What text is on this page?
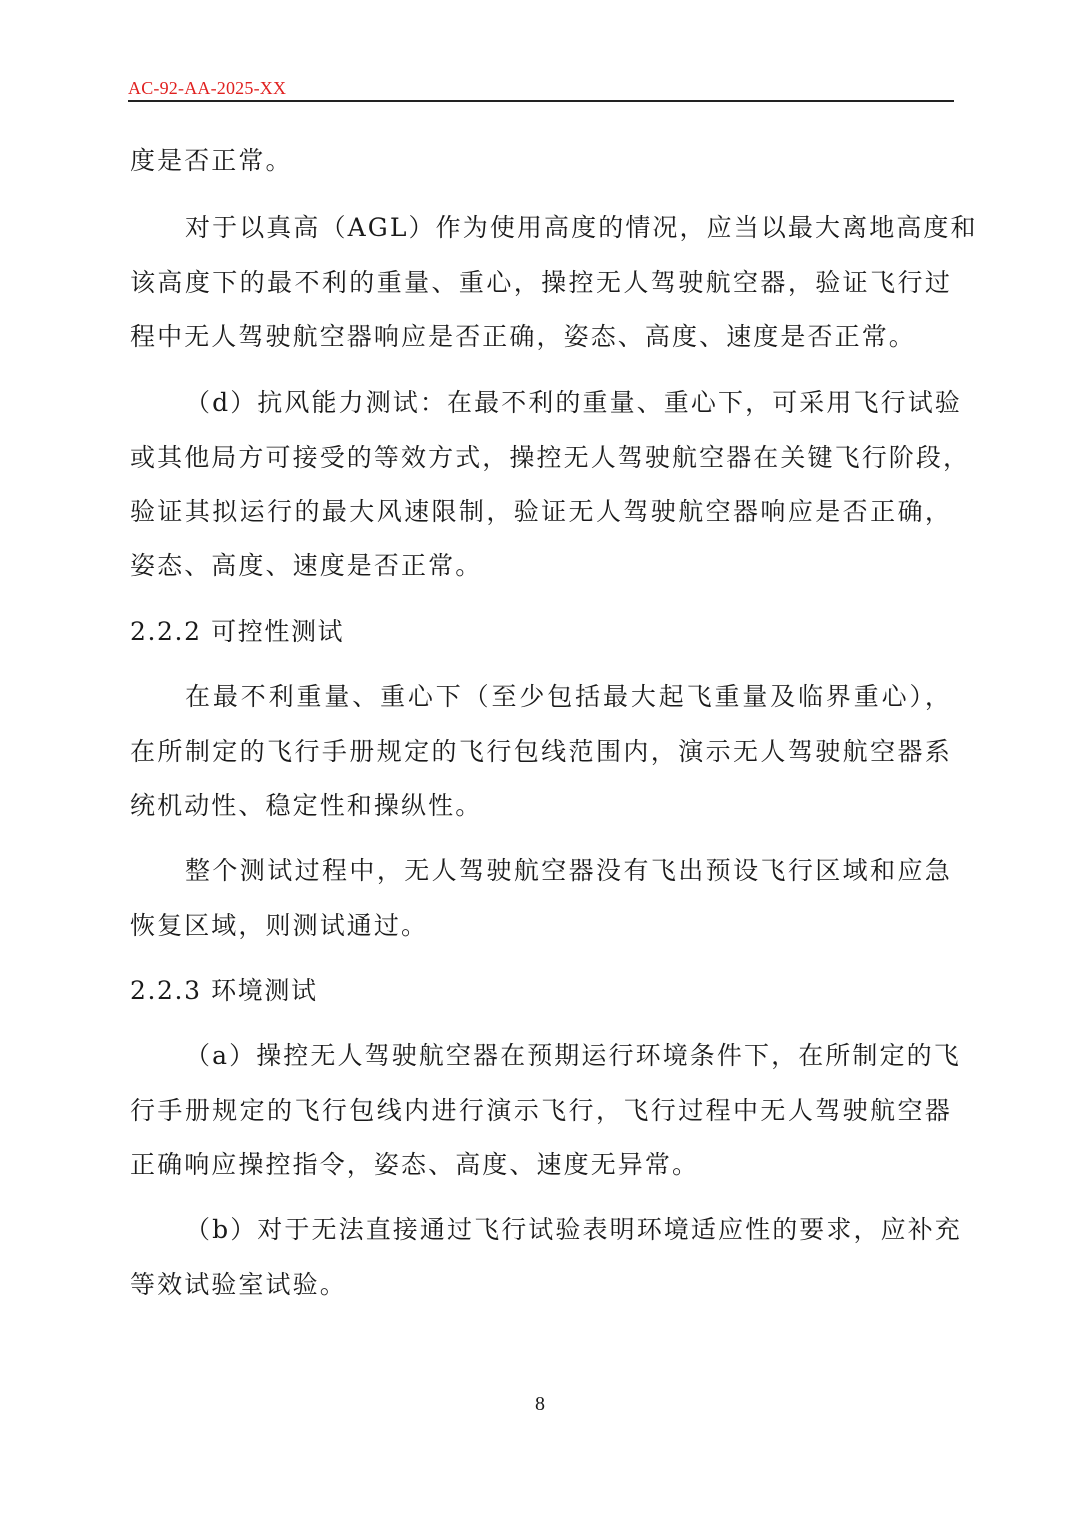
AC-92-AA-2025-XX
度是否正常。
对于以真高（AGL）作为使用高度的情况，应当以最大离地高度和
该高度下的最不利的重量、重心，操控无人驾驶航空器，验证飞行过
程中无人驾驶航空器响应是否正确，姿态、高度、速度是否正常。
（d）抗风能力测试：在最不利的重量、重心下，可采用飞行试验
或其他局方可接受的等效方式，操控无人驾驶航空器在关键飞行阶段，
验证其拟运行的最大风速限制，验证无人驾驶航空器响应是否正确，
姿态、高度、速度是否正常。
2.2.2 可控性测试
在最不利重量、重心下（至少包括最大起飞重量及临界重心），
在所制定的飞行手册规定的飞行包线范围内，演示无人驾驶航空器系
统机动性、稳定性和操纵性。
整个测试过程中，无人驾驶航空器没有飞出预设飞行区域和应急
恢复区域，则测试通过。
2.2.3 环境测试
（a）操控无人驾驶航空器在预期运行环境条件下，在所制定的飞
行手册规定的飞行包线内进行演示飞行，飞行过程中无人驾驶航空器
正确响应操控指令，姿态、高度、速度无异常。
（b）对于无法直接通过飞行试验表明环境适应性的要求，应补充
等效试验室试验。
8
